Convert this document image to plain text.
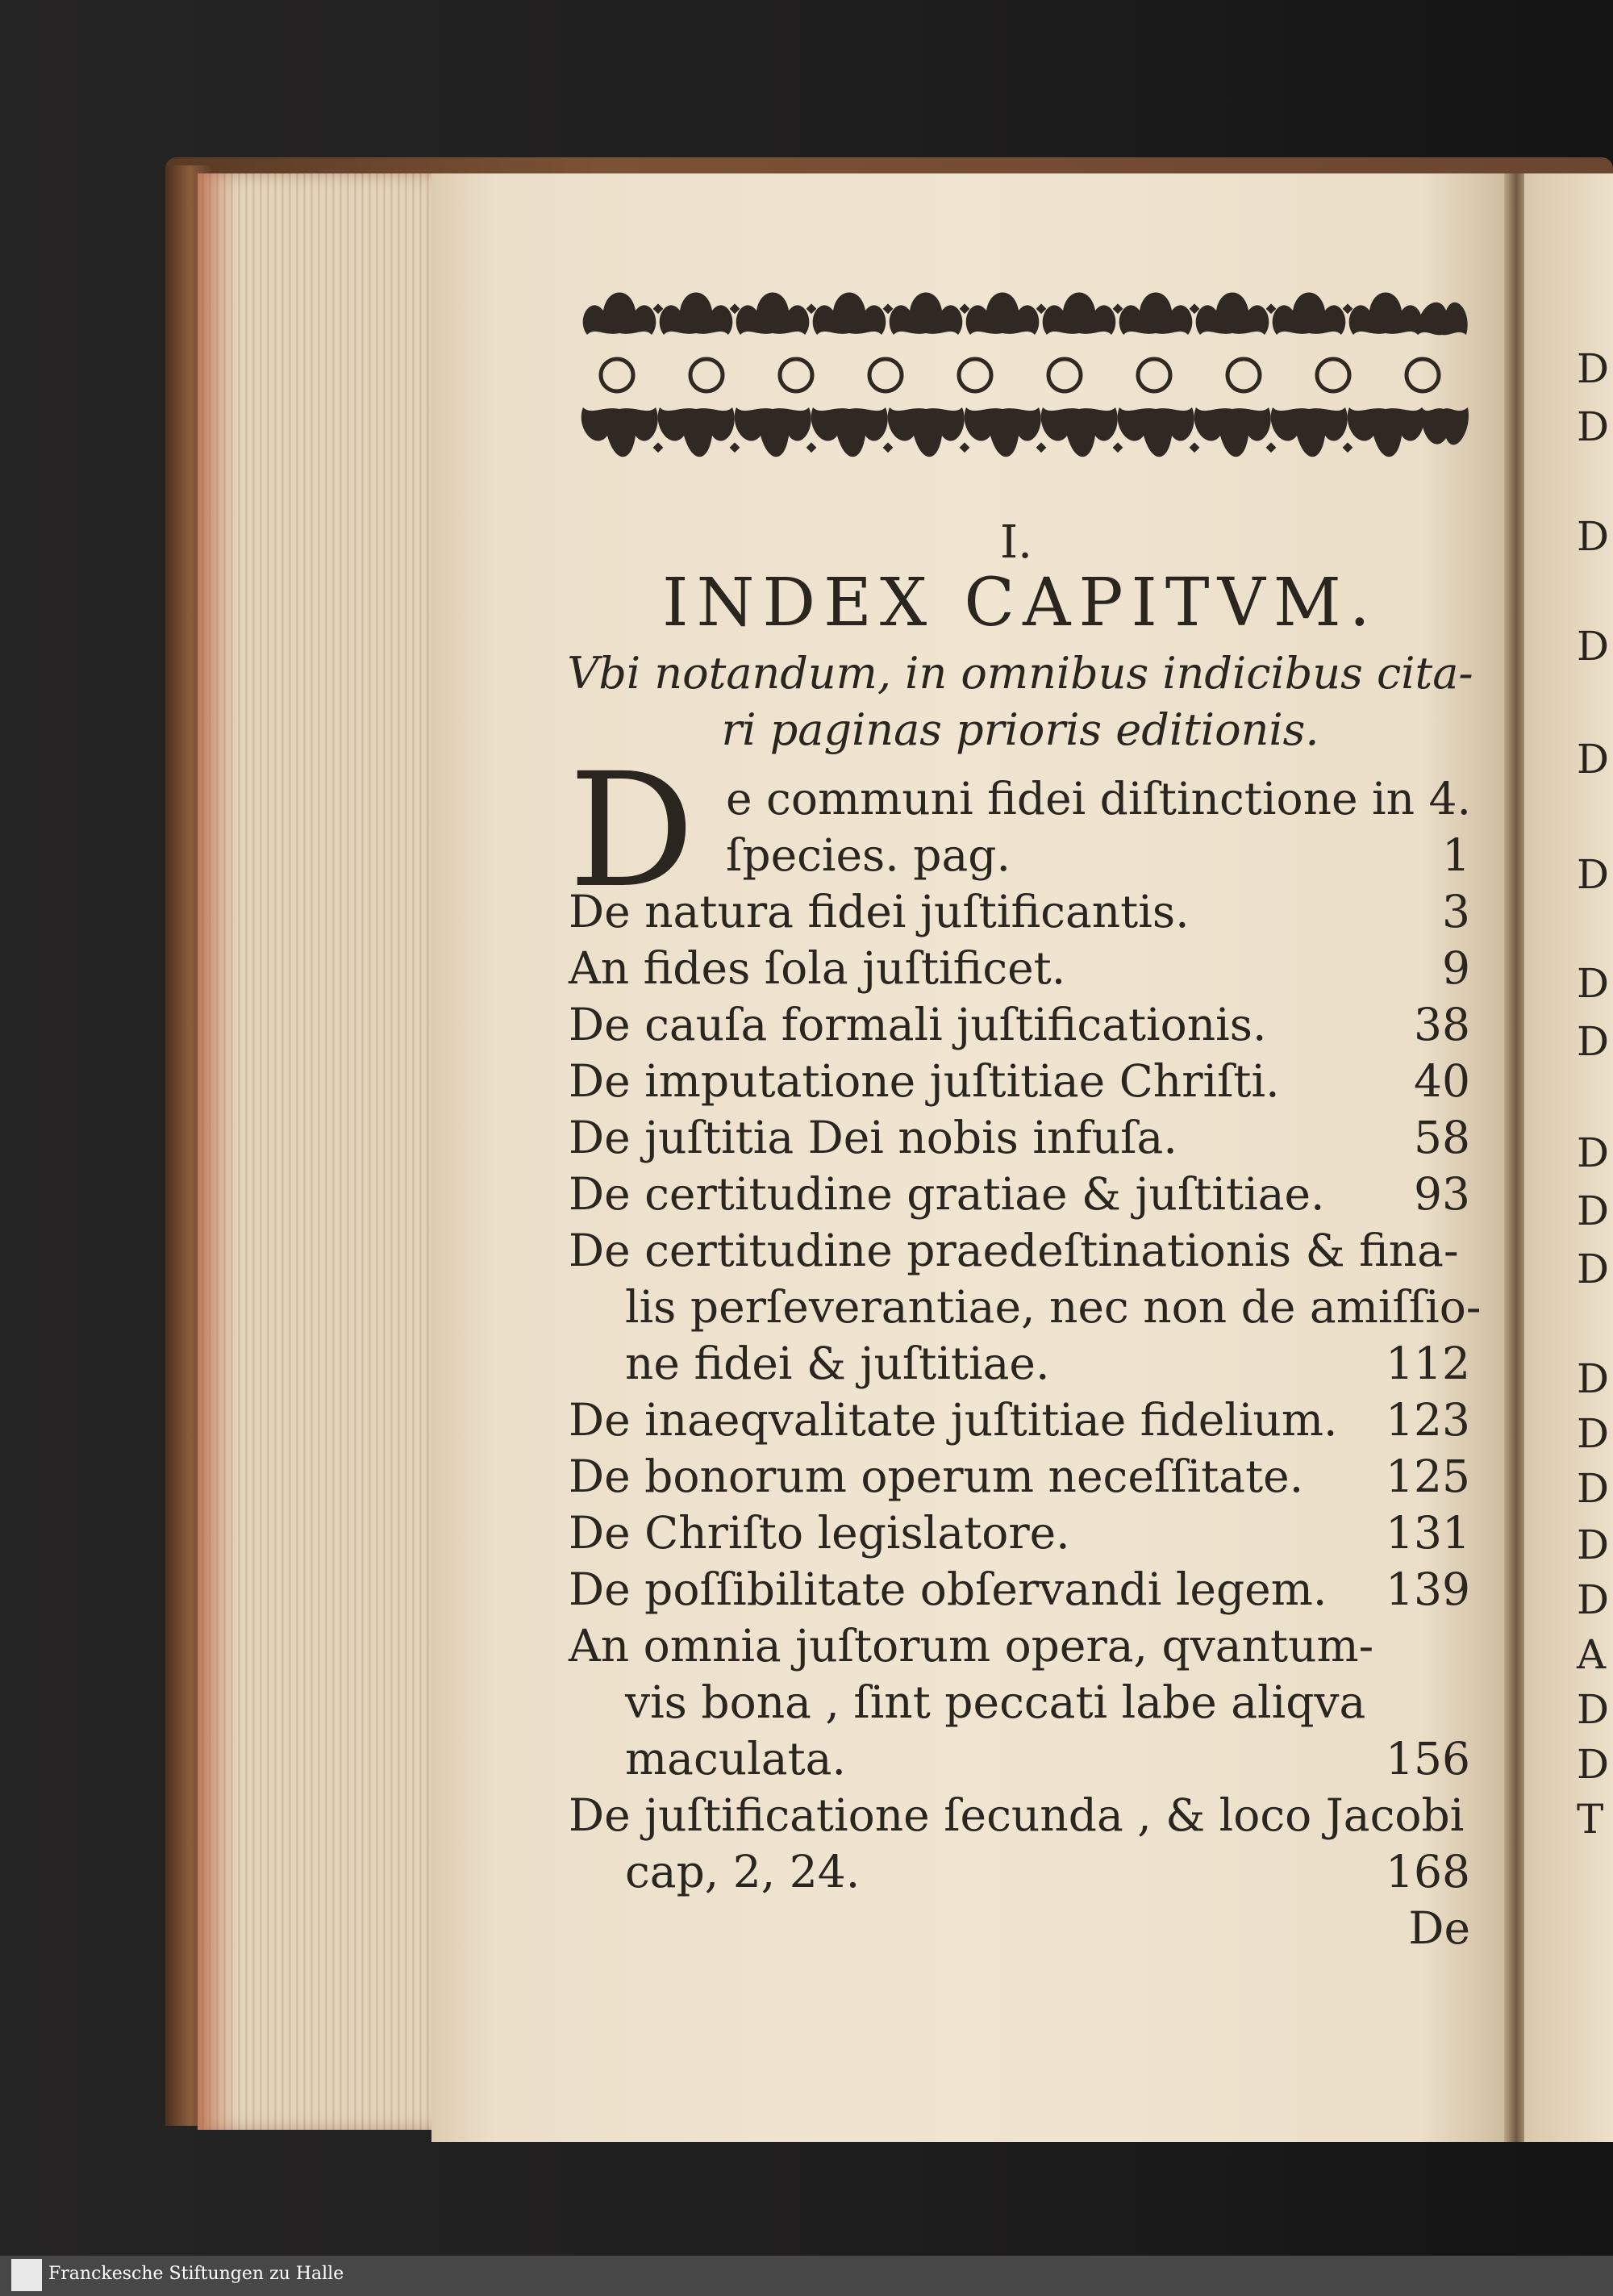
D
D
D
D
D
D
D
D
D
D
D
D
D
D
D
D
A
D
D
T
I.
INDEX CAPITVM.
Vbi notandum, in omnibus indicibus cita-
ri paginas prioris editionis.
D e communi fidei diſtinctione in 4.
ſpecies. pag.	1
De natura fidei juſtificantis.	3
An fides ſola juſtificet.	9
De cauſa formali juſtificationis.	38
De imputatione juſtitiae Chriſti.	40
De juſtitia Dei nobis infuſa.	58
De certitudine gratiae & juſtitiae. 93
De certitudine praedeſtinationis & fina-
lis perſeverantiae, nec non de amiſſio-
ne fidei & juſtitiae.	112
De inaeqvalitate juſtitiae fidelium. 123
De bonorum operum neceſſitate. 125
De Chriſto legislatore.	131
De poſſibilitate obſervandi legem. 139
An omnia juſtorum opera, qvantum-
vis bona , ſint peccati labe aliqva
maculata.	156
De juſtificatione ſecunda , & loco Jacobi
cap, 2, 24.	168
De
Franckesche Stiftungen zu Halle
